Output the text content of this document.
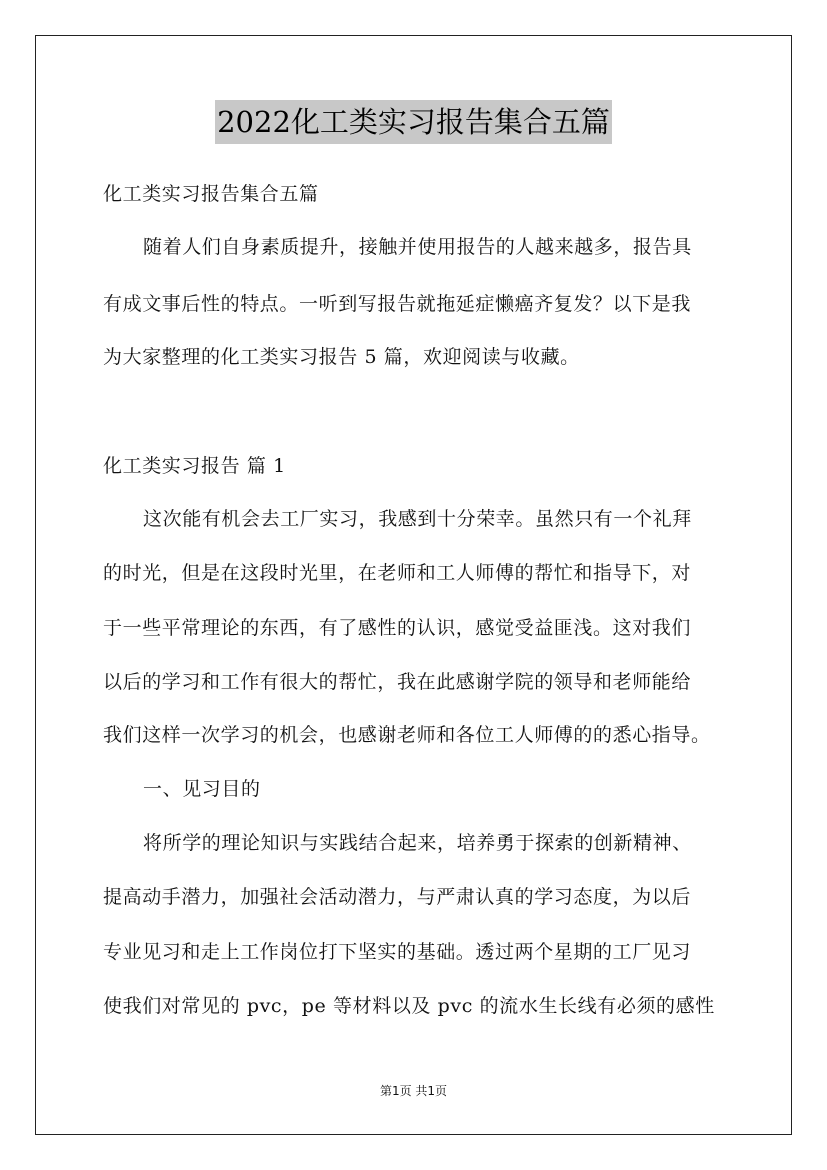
2022化工类实习报告集合五篇
化工类实习报告集合五篇
随着人们自身素质提升，接触并使用报告的人越来越多，报告具
有成文事后性的特点。一听到写报告就拖延症懒癌齐复发？以下是我
为大家整理的化工类实习报告 5 篇，欢迎阅读与收藏。
化工类实习报告 篇 1
这次能有机会去工厂实习，我感到十分荣幸。虽然只有一个礼拜
的时光，但是在这段时光里，在老师和工人师傅的帮忙和指导下，对
于一些平常理论的东西，有了感性的认识，感觉受益匪浅。这对我们
以后的学习和工作有很大的帮忙，我在此感谢学院的领导和老师能给
我们这样一次学习的机会，也感谢老师和各位工人师傅的的悉心指导。
一、见习目的
将所学的理论知识与实践结合起来，培养勇于探索的创新精神、
提高动手潜力，加强社会活动潜力，与严肃认真的学习态度，为以后
专业见习和走上工作岗位打下坚实的基础。透过两个星期的工厂见习
使我们对常见的 pvc，pe 等材料以及 pvc 的流水生长线有必须的感性
第1页 共1页
